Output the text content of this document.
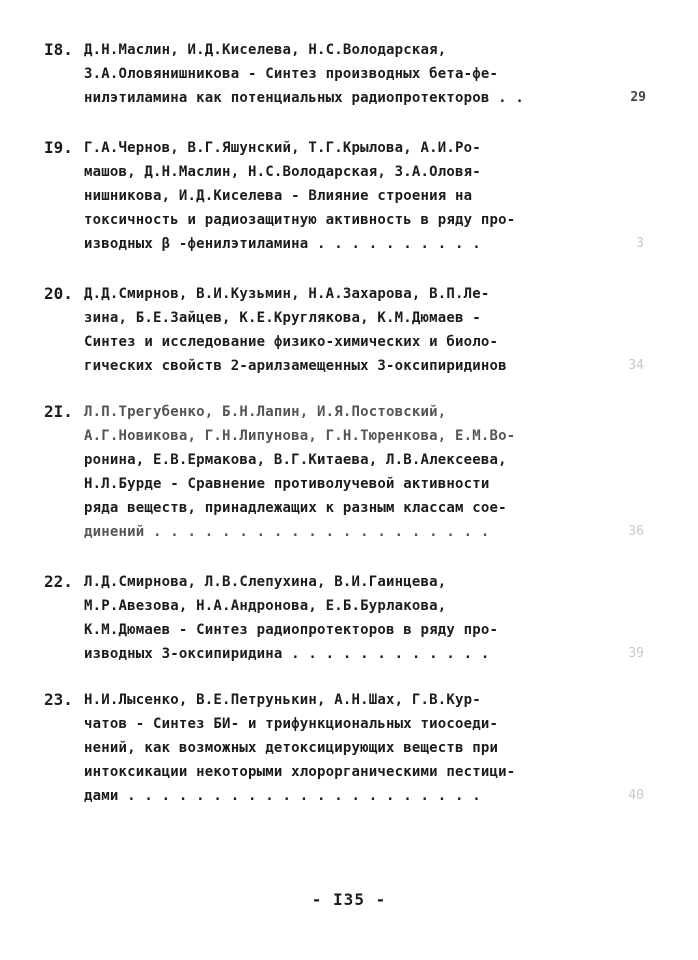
I8. Д.Н.Маслин, И.Д.Киселева, Н.С.Володарская,
З.А.Оловянишникова - Синтез производных бета-фе-
нилэтиламина как потенциальных радиопротекторов . .	29
I9. Г.А.Чернов, В.Г.Яшунский, Т.Г.Крылова, А.И.Ро-
машов, Д.Н.Маслин, Н.С.Володарская, З.А.Оловя-
нишникова, И.Д.Киселева - Влияние строения на
токсичность и радиозащитную активность в ряду про-
изводных β -фенилэтиламина . . . . . . . . . .	3
20. Д.Д.Смирнов, В.И.Кузьмин, Н.А.Захарова, В.П.Ле-
зина, Б.Е.Зайцев, К.Е.Круглякова, К.М.Дюмаев -
Синтез и исследование физико-химических и биоло-
гических свойств 2-арилзамещенных 3-оксипиридинов	34
2I. Л.П.Трегубенко, Б.Н.Лапин, И.Я.Постовский,
А.Г.Новикова, Г.Н.Липунова, Г.Н.Тюренкова, Е.М.Во-
ронина, Е.В.Ермакова, В.Г.Китаева, Л.В.Алексеева,
Н.Л.Бурде - Сравнение противолучевой активности
ряда веществ, принадлежащих к разным классам сое-
динений . . . . . . . . . . . . . . . . . . . .	36
22. Л.Д.Смирнова, Л.В.Слепухина, В.И.Гаинцева,
М.Р.Авезова, Н.А.Андронова, Е.Б.Бурлакова,
К.М.Дюмаев - Синтез радиопротекторов в ряду про-
изводных 3-оксипиридина . . . . . . . . . . . .	39
23. Н.И.Лысенко, В.Е.Петрунькин, А.Н.Шах, Г.В.Кур-
чатов - Синтез БИ- и трифункциональных тиосоеди-
нений, как возможных детоксицирующих веществ при
интоксикации некоторыми хлорорганическими пестици-
дами . . . . . . . . . . . . . . . . . . . . .	40
- I35 -
